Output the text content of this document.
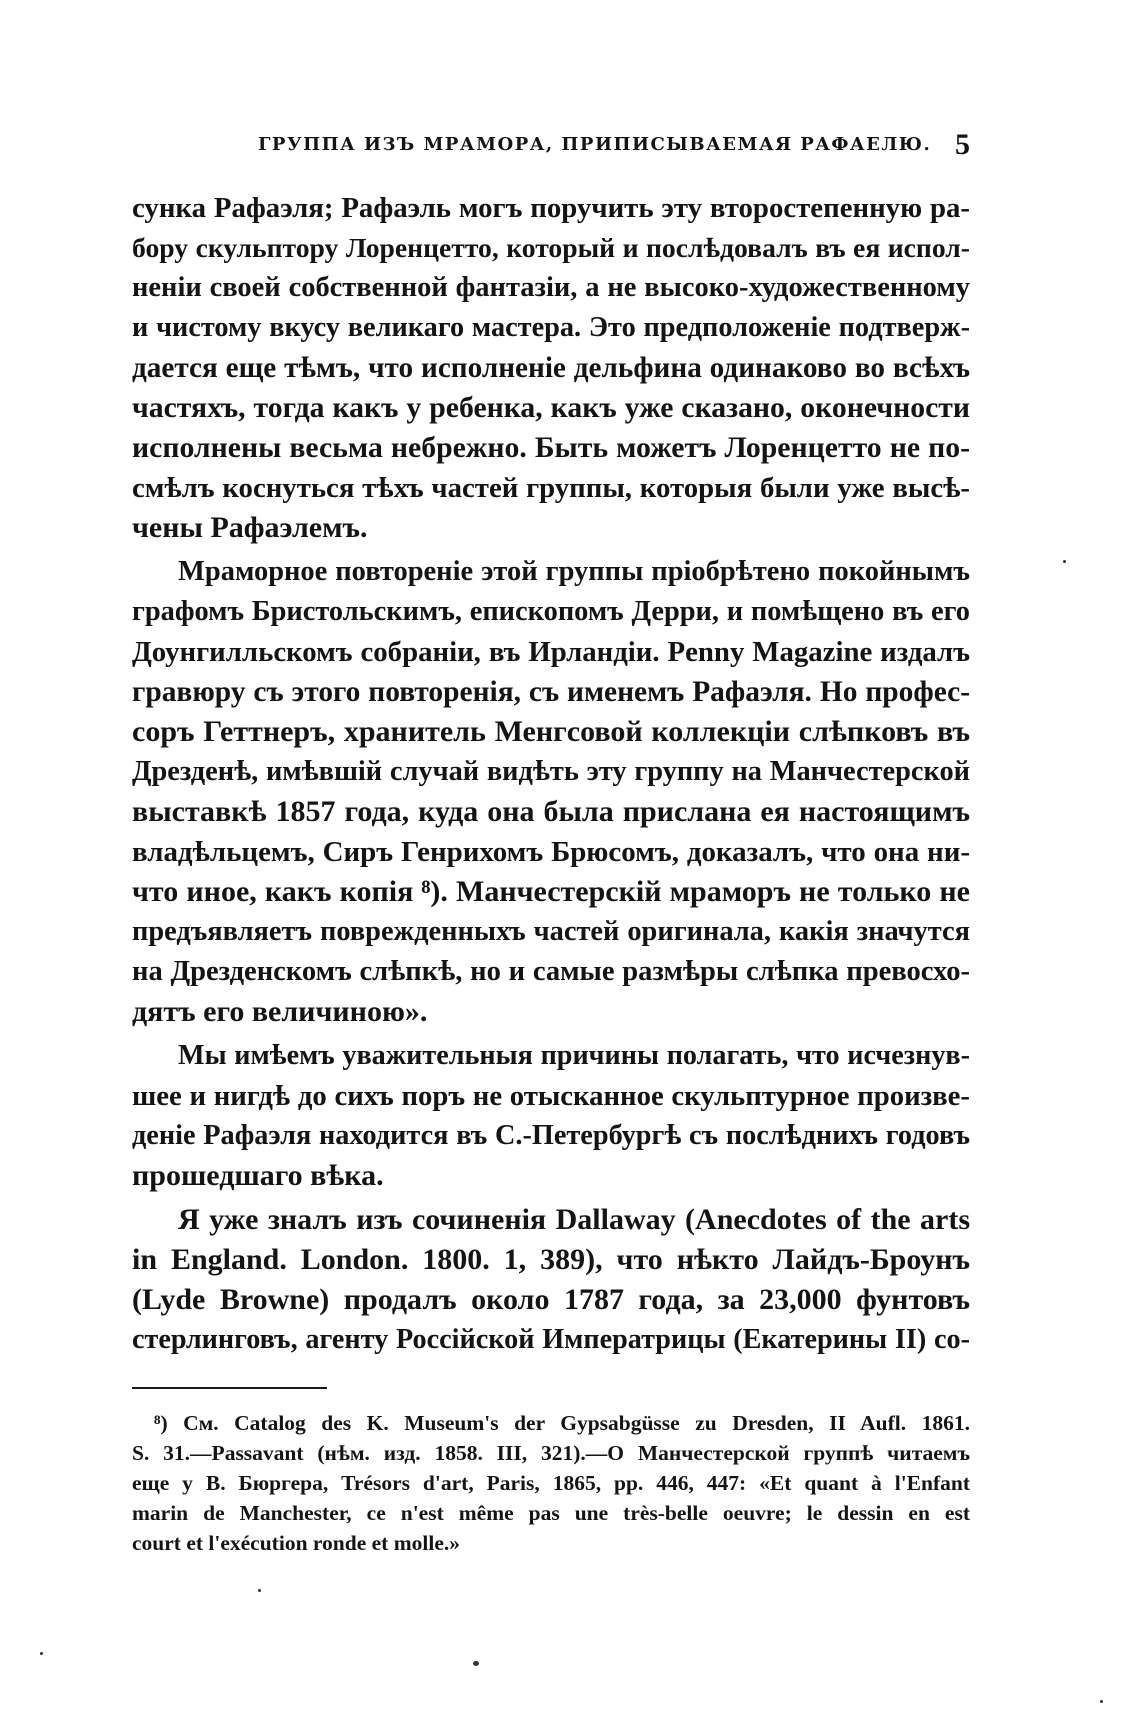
ГРУППА ИЗЪ МРАМОРА, ПРИПИСЫВАЕМАЯ РАФАЕЛЮ. 5
сунка Рафаэля; Рафаэль могъ поручить эту второстепенную ра-
бору скульптору Лоренцетто, который и послѣдовалъ въ ея испол-
неніи своей собственной фантазіи, а не высоко-художественному
и чистому вкусу великаго мастера. Это предположеніе подтверж-
дается еще тѣмъ, что исполненіе дельфина одинаково во всѣхъ
частяхъ, тогда какъ у ребенка, какъ уже сказано, оконечности
исполнены весьма небрежно. Быть можетъ Лоренцетто не по-
смѣлъ коснуться тѣхъ частей группы, которыя были уже высѣ-
чены Рафаэлемъ.
Мраморное повтореніе этой группы пріобрѣтено покойнымъ
графомъ Бристольскимъ, епископомъ Дерри, и помѣщено въ его
Доунгилльскомъ собраніи, въ Ирландіи. Penny Magazine издалъ
гравюру съ этого повторенія, съ именемъ Рафаэля. Но профес-
соръ Геттнеръ, хранитель Менгсовой коллекціи слѣпковъ въ
Дрезденѣ, имѣвшій случай видѣть эту группу на Манчестерской
выставкѣ 1857 года, куда она была прислана ея настоящимъ
владѣльцемъ, Сиръ Генрихомъ Брюсомъ, доказалъ, что она ни-
что иное, какъ копія ⁸). Манчестерскій мраморъ не только не
предъявляетъ поврежденныхъ частей оригинала, какія значутся
на Дрезденскомъ слѣпкѣ, но и самые размѣры слѣпка превосхо-
дятъ его величиною».
Мы имѣемъ уважительныя причины полагать, что исчезнув-
шее и нигдѣ до сихъ поръ не отысканное скульптурное произве-
деніе Рафаэля находится въ С.-Петербургѣ съ послѣднихъ годовъ
прошедшаго вѣка.
Я уже зналъ изъ сочиненія Dallaway (Anecdotes of the arts
in England. London. 1800. 1, 389), что нѣкто Лайдъ-Броунъ
(Lyde Browne) продалъ около 1787 года, за 23,000 фунтовъ
стерлинговъ, агенту Россійской Императрицы (Екатерины II) со-
⁸) См. Catalog des K. Museum's der Gypsabgüsse zu Dresden, II Aufl. 1861.
S. 31.—Passavant (нѣм. изд. 1858. III, 321).—О Манчестерской группѣ читаемъ
еще у В. Бюргера, Trésors d'art, Paris, 1865, pp. 446, 447: «Et quant à l'Enfant
marin de Manchester, ce n'est même pas une très-belle oeuvre; le dessin en est
court et l'exécution ronde et molle.»
